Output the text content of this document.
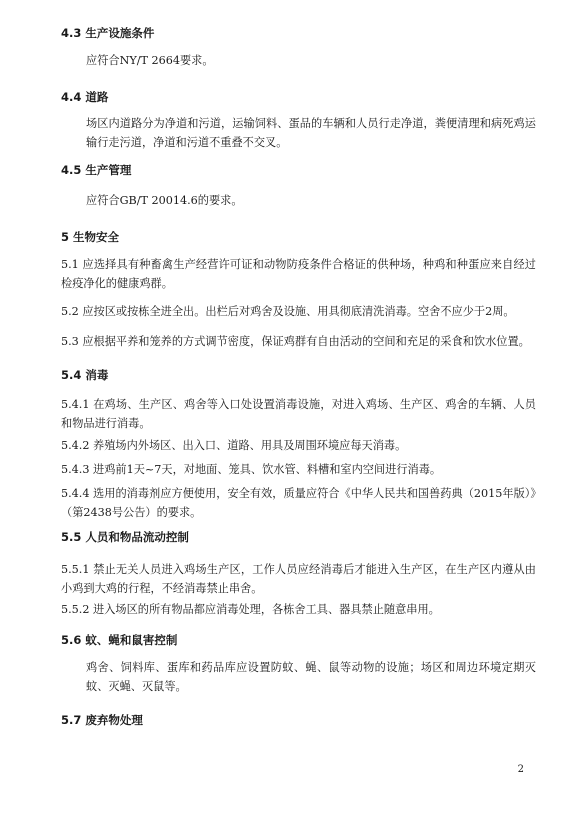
4.3 生产设施条件
应符合NY/T 2664要求。
4.4 道路
场区内道路分为净道和污道，运输饲料、蛋品的车辆和人员行走净道，粪便清理和病死鸡运输行走污道，净道和污道不重叠不交叉。
4.5 生产管理
应符合GB/T 20014.6的要求。
5 生物安全
5.1 应选择具有种畜禽生产经营许可证和动物防疫条件合格证的供种场，种鸡和种蛋应来自经过检疫净化的健康鸡群。
5.2 应按区或按栋全进全出。出栏后对鸡舍及设施、用具彻底清洗消毒。空舍不应少于2周。
5.3 应根据平养和笼养的方式调节密度，保证鸡群有自由活动的空间和充足的采食和饮水位置。
5.4 消毒
5.4.1 在鸡场、生产区、鸡舍等入口处设置消毒设施，对进入鸡场、生产区、鸡舍的车辆、人员和物品进行消毒。
5.4.2 养殖场内外场区、出入口、道路、用具及周围环境应每天消毒。
5.4.3 进鸡前1天~7天，对地面、笼具、饮水管、料槽和室内空间进行消毒。
5.4.4 选用的消毒剂应方便使用，安全有效，质量应符合《中华人民共和国兽药典（2015年版）》（第2438号公告）的要求。
5.5 人员和物品流动控制
5.5.1 禁止无关人员进入鸡场生产区，工作人员应经消毒后才能进入生产区，在生产区内遵从由小鸡到大鸡的行程，不经消毒禁止串舍。
5.5.2 进入场区的所有物品都应消毒处理，各栋舍工具、器具禁止随意串用。
5.6 蚊、蝇和鼠害控制
鸡舍、饲料库、蛋库和药品库应设置防蚊、蝇、鼠等动物的设施；场区和周边环境定期灭蚊、灭蝇、灭鼠等。
5.7 废弃物处理
2
